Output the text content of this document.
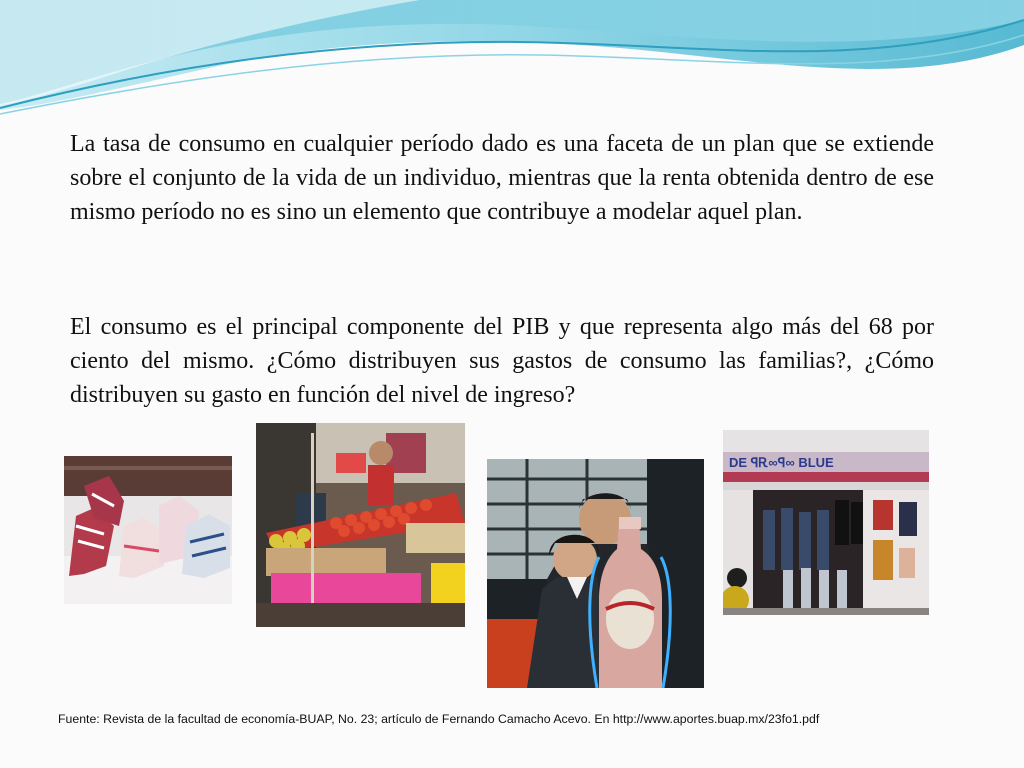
La tasa de consumo en cualquier período dado es una faceta de un plan que se extiende sobre el conjunto de la vida de un individuo, mientras que la renta obtenida dentro de ese mismo período no es sino un elemento que contribuye a modelar aquel plan.

El consumo es el principal componente del PIB y que representa algo más del 68 por ciento del mismo. ¿Cómo distribuyen sus gastos de consumo las familias?, ¿Cómo distribuyen su gasto en función del nivel de ingreso?

DE ꟼᎡ∞ꟼ∞ BLUE

Fuente: Revista de la facultad de economía-BUAP, No. 23; artículo de Fernando Camacho Acevo. En http://www.aportes.buap.mx/23fo1.pdf
